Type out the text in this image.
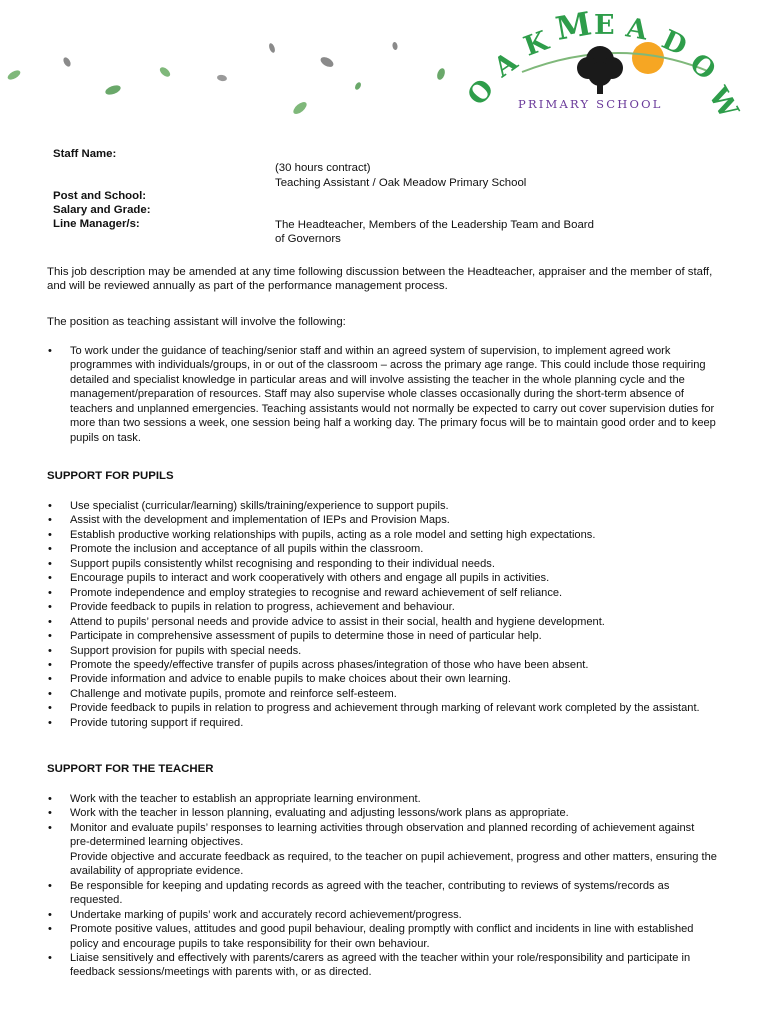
O
A
K M E A D
O
W
PRIMARY SCHOOL
Staff Name:
(30 hours contract)
Teaching Assistant / Oak Meadow Primary School
Post and School:
Salary and Grade:
Line Manager/s:	The Headteacher, Members of the Leadership Team and Board
of Governors

This job description may be amended at any time following discussion between the Headteacher, appraiser and the member of staff, and will be reviewed annually as part of the performance management process.

The position as teaching assistant will involve the following:

• To work under the guidance of teaching/senior staff and within an agreed system of supervision, to implement agreed work programmes with individuals/groups, in or out of the classroom – across the primary age range. This could include those requiring detailed and specialist knowledge in particular areas and will involve assisting the teacher in the whole planning cycle and the management/preparation of resources. Staff may also supervise whole classes occasionally during the short-term absence of teachers and unplanned emergencies. Teaching assistants would not normally be expected to carry out cover supervision duties for more than two sessions a week, one session being half a working day. The primary focus will be to maintain good order and to keep pupils on task.

SUPPORT FOR PUPILS

• Use specialist (curricular/learning) skills/training/experience to support pupils.
• Assist with the development and implementation of IEPs and Provision Maps.
• Establish productive working relationships with pupils, acting as a role model and setting high expectations.
• Promote the inclusion and acceptance of all pupils within the classroom.
• Support pupils consistently whilst recognising and responding to their individual needs.
• Encourage pupils to interact and work cooperatively with others and engage all pupils in activities.
• Promote independence and employ strategies to recognise and reward achievement of self reliance.
• Provide feedback to pupils in relation to progress, achievement and behaviour.
• Attend to pupils’ personal needs and provide advice to assist in their social, health and hygiene development.
• Participate in comprehensive assessment of pupils to determine those in need of particular help.
• Support provision for pupils with special needs.
• Promote the speedy/effective transfer of pupils across phases/integration of those who have been absent.
• Provide information and advice to enable pupils to make choices about their own learning.
• Challenge and motivate pupils, promote and reinforce self-esteem.
• Provide feedback to pupils in relation to progress and achievement through marking of relevant work completed by the assistant.
• Provide tutoring support if required.

SUPPORT FOR THE TEACHER

• Work with the teacher to establish an appropriate learning environment.
• Work with the teacher in lesson planning, evaluating and adjusting lessons/work plans as appropriate.
• Monitor and evaluate pupils’ responses to learning activities through observation and planned recording of achievement against pre-determined learning objectives.
Provide objective and accurate feedback as required, to the teacher on pupil achievement, progress and other matters, ensuring the availability of appropriate evidence.
• Be responsible for keeping and updating records as agreed with the teacher, contributing to reviews of systems/records as requested.
• Undertake marking of pupils’ work and accurately record achievement/progress.
• Promote positive values, attitudes and good pupil behaviour, dealing promptly with conflict and incidents in line with established policy and encourage pupils to take responsibility for their own behaviour.
• Liaise sensitively and effectively with parents/carers as agreed with the teacher within your role/responsibility and participate in feedback sessions/meetings with parents with, or as directed.
